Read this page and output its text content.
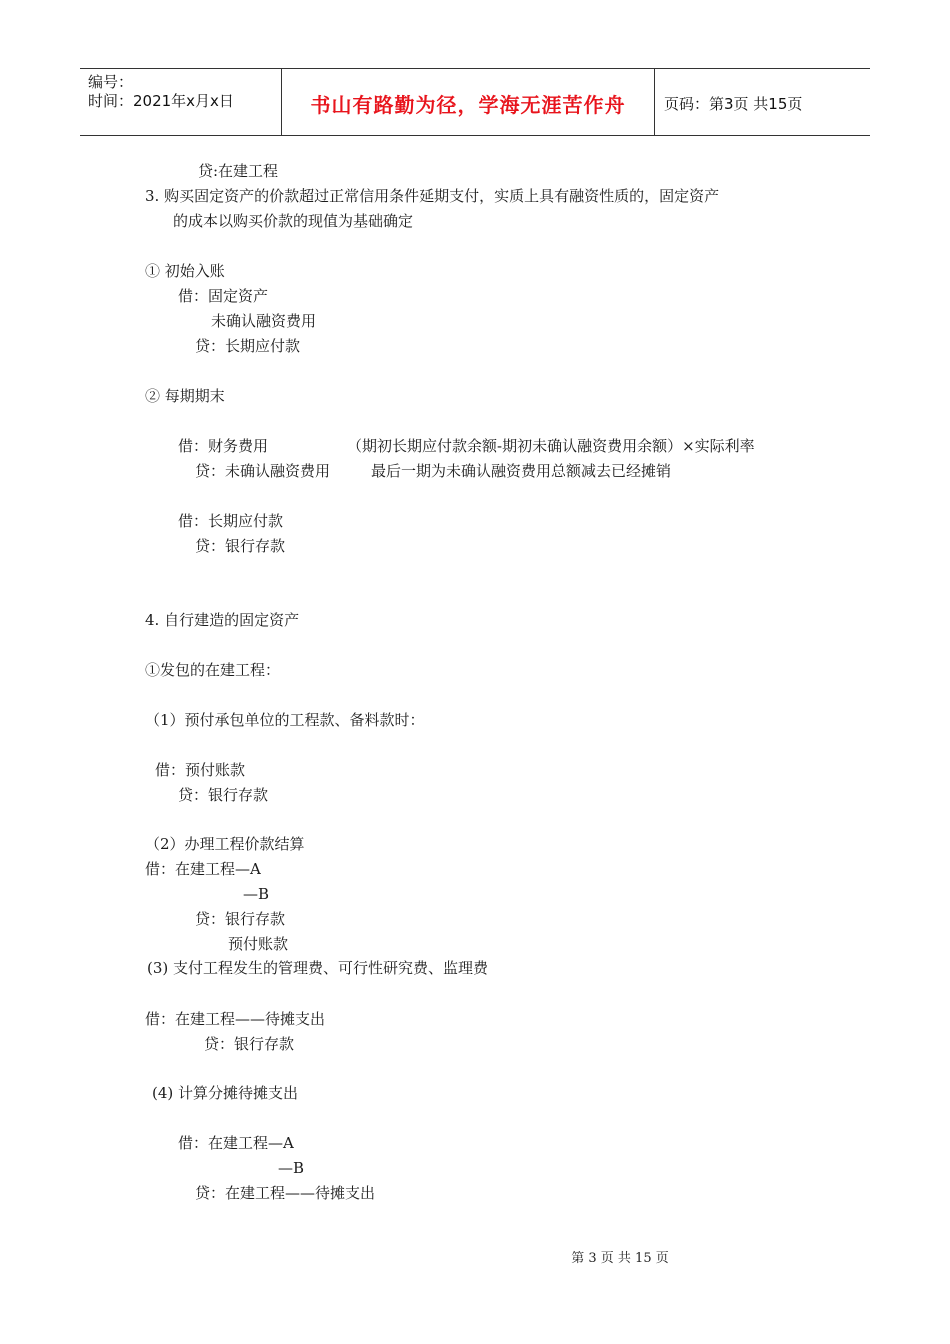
编号：
时间：2021年x月x日	书山有路勤为径，学海无涯苦作舟	页码：第3页 共15页
贷:在建工程
3. 购买固定资产的价款超过正常信用条件延期支付，实质上具有融资性质的，固定资产
的成本以购买价款的现值为基础确定
① 初始入账
借：固定资产
未确认融资费用
贷：长期应付款
② 每期期末
借：财务费用	（期初长期应付款余额-期初未确认融资费用余额）×实际利率
贷：未确认融资费用	最后一期为未确认融资费用总额减去已经摊销
借：长期应付款
贷：银行存款
4. 自行建造的固定资产
①发包的在建工程：
（1）预付承包单位的工程款、备料款时：
借：预付账款
贷：银行存款
（2）办理工程价款结算
借：在建工程—A
—B
贷：银行存款
预付账款
(3) 支付工程发生的管理费、可行性研究费、监理费
借：在建工程——待摊支出
贷：银行存款
(4) 计算分摊待摊支出
借：在建工程—A
—B
贷：在建工程——待摊支出
第 3 页 共 15 页
